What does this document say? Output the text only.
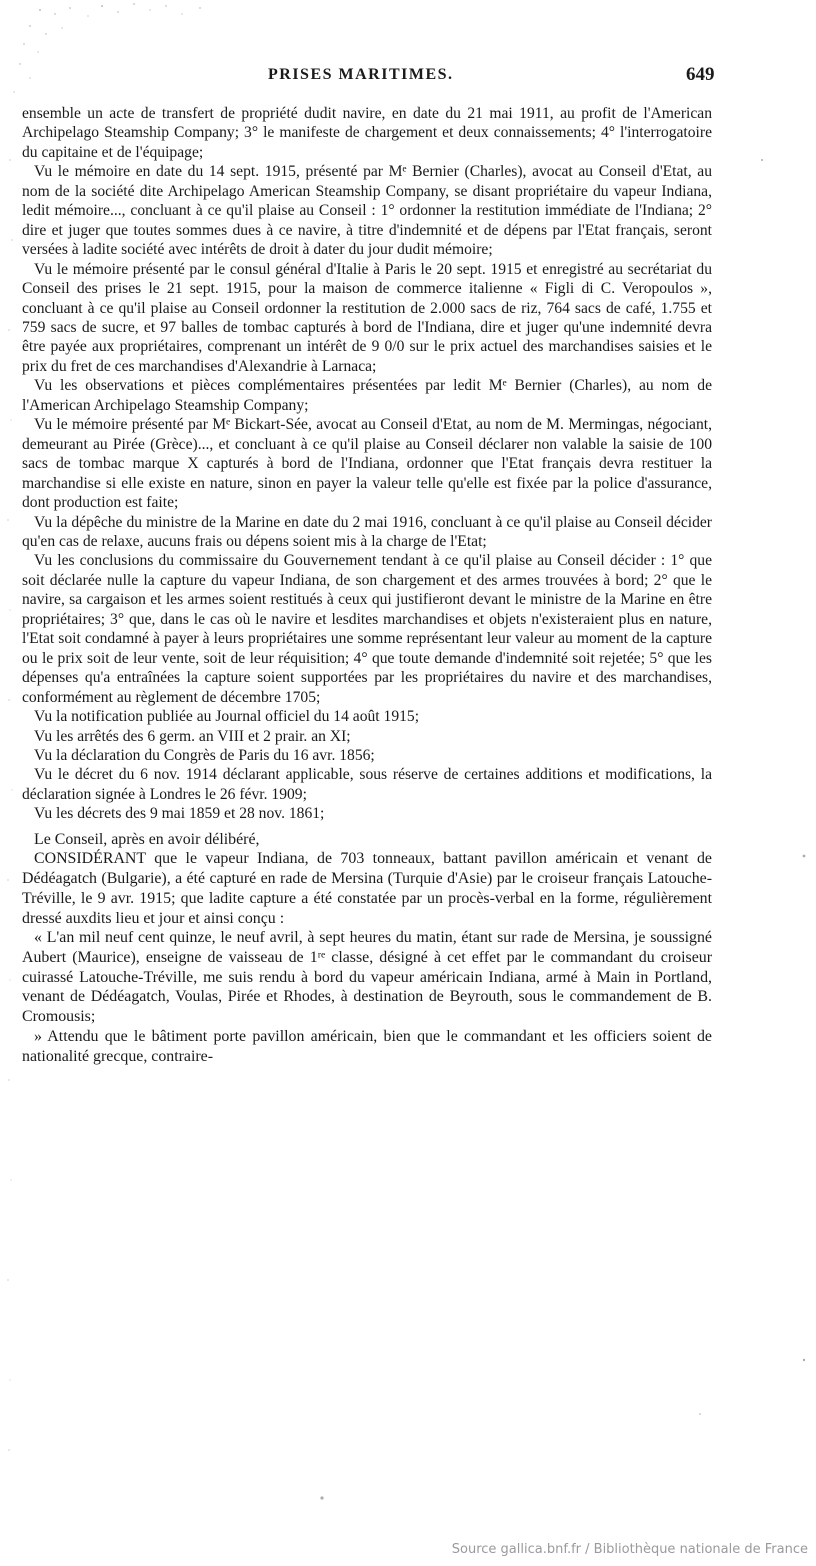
PRISES MARITIMES.	649

ensemble un acte de transfert de propriété dudit navire, en date du 21 mai 1911, au profit de l'American Archipelago Steamship Company; 3° le manifeste de chargement et deux connaissements; 4° l'interrogatoire du capitaine et de l'équipage;

Vu le mémoire en date du 14 sept. 1915, présenté par Mᵉ Bernier (Charles), avocat au Conseil d'Etat, au nom de la société dite Archipelago American Steamship Company, se disant propriétaire du vapeur Indiana, ledit mémoire..., concluant à ce qu'il plaise au Conseil : 1° ordonner la restitution immédiate de l'Indiana; 2° dire et juger que toutes sommes dues à ce navire, à titre d'indemnité et de dépens par l'Etat français, seront versées à ladite société avec intérêts de droit à dater du jour dudit mémoire;

Vu le mémoire présenté par le consul général d'Italie à Paris le 20 sept. 1915 et enregistré au secrétariat du Conseil des prises le 21 sept. 1915, pour la maison de commerce italienne « Figli di C. Veropoulos », concluant à ce qu'il plaise au Conseil ordonner la restitution de 2.000 sacs de riz, 764 sacs de café, 1.755 et 759 sacs de sucre, et 97 balles de tombac capturés à bord de l'Indiana, dire et juger qu'une indemnité devra être payée aux propriétaires, comprenant un intérêt de 9 0/0 sur le prix actuel des marchandises saisies et le prix du fret de ces marchandises d'Alexandrie à Larnaca;

Vu les observations et pièces complémentaires présentées par ledit Mᵉ Bernier (Charles), au nom de l'American Archipelago Steamship Company;

Vu le mémoire présenté par Mᵉ Bickart-Sée, avocat au Conseil d'Etat, au nom de M. Mermingas, négociant, demeurant au Pirée (Grèce)..., et concluant à ce qu'il plaise au Conseil déclarer non valable la saisie de 100 sacs de tombac marque X capturés à bord de l'Indiana, ordonner que l'Etat français devra restituer la marchandise si elle existe en nature, sinon en payer la valeur telle qu'elle est fixée par la police d'assurance, dont production est faite;

Vu la dépêche du ministre de la Marine en date du 2 mai 1916, concluant à ce qu'il plaise au Conseil décider qu'en cas de relaxe, aucuns frais ou dépens soient mis à la charge de l'Etat;

Vu les conclusions du commissaire du Gouvernement tendant à ce qu'il plaise au Conseil décider : 1° que soit déclarée nulle la capture du vapeur Indiana, de son chargement et des armes trouvées à bord; 2° que le navire, sa cargaison et les armes soient restitués à ceux qui justifieront devant le ministre de la Marine en être propriétaires; 3° que, dans le cas où le navire et lesdites marchandises et objets n'existeraient plus en nature, l'Etat soit condamné à payer à leurs propriétaires une somme représentant leur valeur au moment de la capture ou le prix soit de leur vente, soit de leur réquisition; 4° que toute demande d'indemnité soit rejetée; 5° que les dépenses qu'a entraînées la capture soient supportées par les propriétaires du navire et des marchandises, conformément au règlement de décembre 1705;

Vu la notification publiée au Journal officiel du 14 août 1915;

Vu les arrêtés des 6 germ. an VIII et 2 prair. an XI;

Vu la déclaration du Congrès de Paris du 16 avr. 1856;

Vu le décret du 6 nov. 1914 déclarant applicable, sous réserve de certaines additions et modifications, la déclaration signée à Londres le 26 févr. 1909;

Vu les décrets des 9 mai 1859 et 28 nov. 1861;

Le Conseil, après en avoir délibéré,

CONSIDÉRANT que le vapeur Indiana, de 703 tonneaux, battant pavillon américain et venant de Dédéagatch (Bulgarie), a été capturé en rade de Mersina (Turquie d'Asie) par le croiseur français Latouche-Tréville, le 9 avr. 1915; que ladite capture a été constatée par un procès-verbal en la forme, régulièrement dressé auxdits lieu et jour et ainsi conçu :

« L'an mil neuf cent quinze, le neuf avril, à sept heures du matin, étant sur rade de Mersina, je soussigné Aubert (Maurice), enseigne de vaisseau de 1ʳᵉ classe, désigné à cet effet par le commandant du croiseur cuirassé Latouche-Tréville, me suis rendu à bord du vapeur américain Indiana, armé à Main in Portland, venant de Dédéagatch, Voulas, Pirée et Rhodes, à destination de Beyrouth, sous le commandement de B. Cromousis;

» Attendu que le bâtiment porte pavillon américain, bien que le commandant et les officiers soient de nationalité grecque, contraire-

Source gallica.bnf.fr / Bibliothèque nationale de France
